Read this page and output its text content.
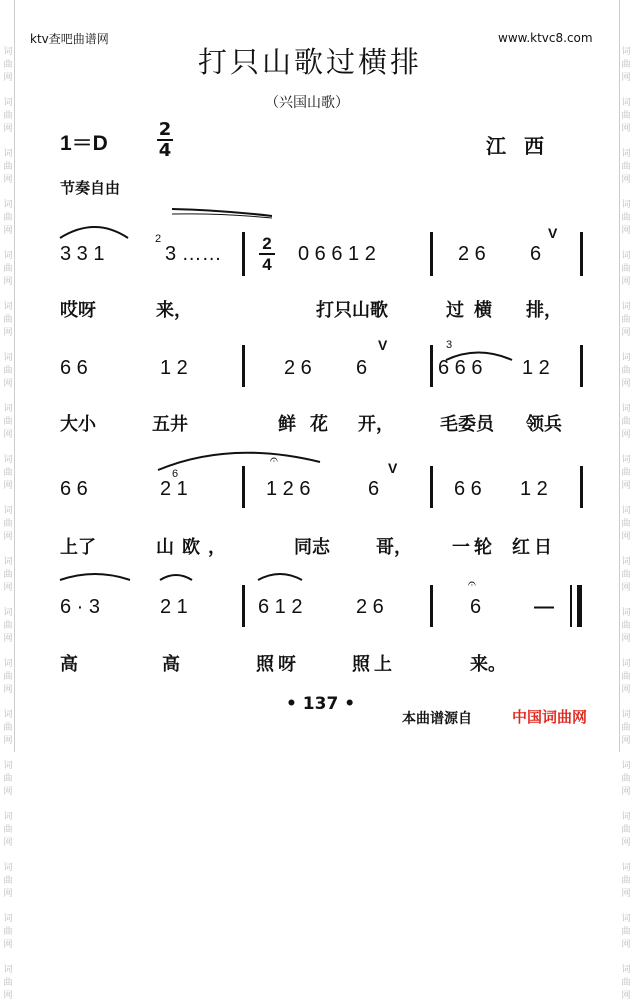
词
曲
网
词
曲
网
词
曲
网
词
曲
网
词
曲
网
词
曲
网
词
曲
网
词
曲
网
词
曲
网
词
曲
网
词
曲
网
词
曲
网
词
曲
网
词
曲
网
词
曲
网
词
曲
网
词
曲
网
词
曲
网
词
曲
网
词
曲
网
词
曲
网
词
曲
网
词
曲
网
词
曲
网
词
曲
网
词
曲
网
词
曲
网
词
曲
网
词
曲
网
词
曲
网
词
曲
网
词
曲
网
词
曲
网
词
曲
网
词
曲
网
词
曲
网
词
曲
网
词
曲
网
ktv查吧曲谱网	www.ktvc8.com
打只山歌过横排
（兴国山歌）
1＝D
2
4	江西
节奏自由
3 3 1
2
3 …… 2
4 0 6 6 1 2	2 6 6
V
哎呀	来，	打只山歌	过横 排，
6 6	1 2	2 6 6
V	3
6 6 6 1 2
大小	五井	鲜花 开，	毛委员 领兵
6 6
6
2 1	1 2 6	6
V
6 6 1 2
𝄐
上了	山欧，	同志	哥， 一轮 红日
6 · 3	2 1	6 1 2	2 6	6	—
𝄐
高	高	照呀	照上	来。
• 137 •
本曲谱源自	中国词曲网
